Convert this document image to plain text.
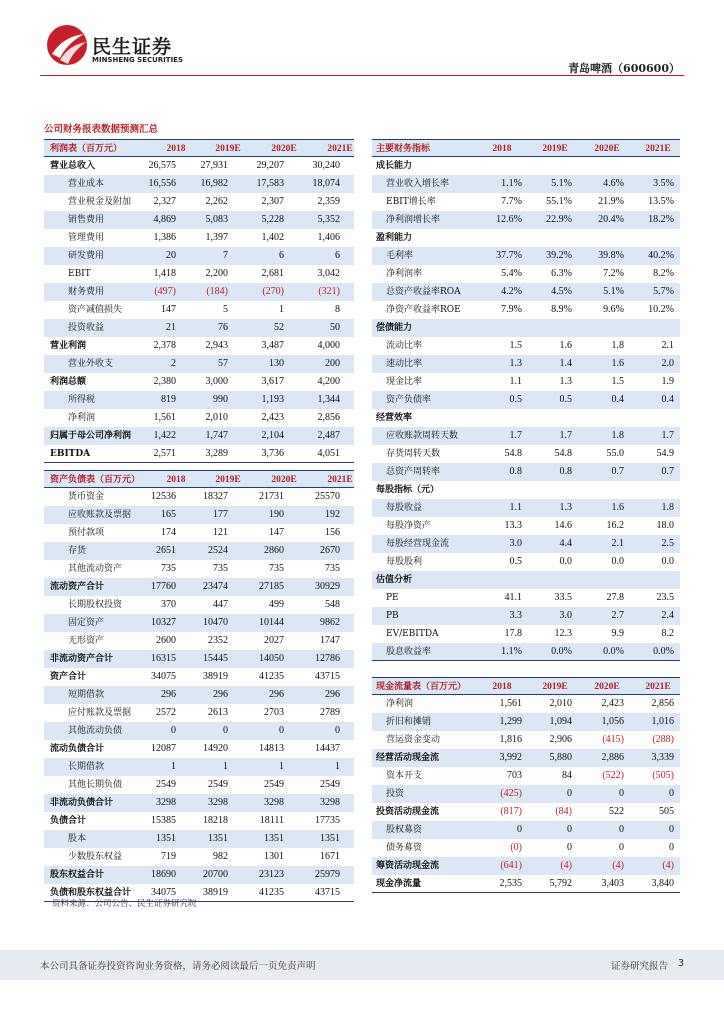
民生证券
MINSHENG SECURITIES
青岛啤酒（600600）
公司财务报表数据预测汇总
利润表（百万元）	2018	2019E	2020E	2021E
营业总收入	26,575	27,931	29,207	30,240
营业成本	16,556	16,982	17,583	18,074
营业税金及附加	2,327	2,262	2,307	2,359
销售费用	4,869	5,083	5,228	5,352
管理费用	1,386	1,397	1,402	1,406
研发费用	20	7	6	6
EBIT	1,418	2,200	2,681	3,042
财务费用	(497)	(184)	(270)	(321)
资产减值损失	147	5	1	8
投资收益	21	76	52	50
营业利润	2,378	2,943	3,487	4,000
营业外收支	2	57	130	200
利润总额	2,380	3,000	3,617	4,200
所得税	819	990	1,193	1,344
净利润	1,561	2,010	2,423	2,856
归属于母公司净利润	1,422	1,747	2,104	2,487
EBITDA	2,571	3,289	3,736	4,051
主要财务指标	2018	2019E	2020E	2021E
成长能力
营业收入增长率	1.1%	5.1%	4.6%	3.5%
EBIT增长率	7.7%	55.1%	21.9%	13.5%
净利润增长率	12.6%	22.9%	20.4%	18.2%
盈利能力
毛利率	37.7%	39.2%	39.8%	40.2%
净利润率	5.4%	6.3%	7.2%	8.2%
总资产收益率ROA	4.2%	4.5%	5.1%	5.7%
净资产收益率ROE	7.9%	8.9%	9.6%	10.2%
偿债能力
流动比率	1.5	1.6	1.8	2.1
速动比率	1.3	1.4	1.6	2.0
现金比率	1.1	1.3	1.5	1.9
资产负债率	0.5	0.5	0.4	0.4
经营效率
应收账款周转天数	1.7	1.7	1.8	1.7
存货周转天数	54.8	54.8	55.0	54.9
总资产周转率	0.8	0.8	0.7	0.7
每股指标（元）
每股收益	1.1	1.3	1.6	1.8
每股净资产	13.3	14.6	16.2	18.0
每股经营现金流	3.0	4.4	2.1	2.5
每股股利	0.5	0.0	0.0	0.0
估值分析
PE	41.1	33.5	27.8	23.5
PB	3.3	3.0	2.7	2.4
EV/EBITDA	17.8	12.3	9.9	8.2
股息收益率	1.1%	0.0%	0.0%	0.0%
资产负债表（百万元）	2018	2019E	2020E	2021E
货币资金	12536	18327	21731	25570
应收账款及票据	165	177	190	192
预付款项	174	121	147	156
存货	2651	2524	2860	2670
其他流动资产	735	735	735	735
流动资产合计	17760	23474	27185	30929
长期股权投资	370	447	499	548
固定资产	10327	10470	10144	9862
无形资产	2600	2352	2027	1747
非流动资产合计	16315	15445	14050	12786
资产合计	34075	38919	41235	43715
短期借款	296	296	296	296
应付账款及票据	2572	2613	2703	2789
其他流动负债	0	0	0	0
流动负债合计	12087	14920	14813	14437
长期借款	1	1	1	1
其他长期负债	2549	2549	2549	2549
非流动负债合计	3298	3298	3298	3298
负债合计	15385	18218	18111	17735
股本	1351	1351	1351	1351
少数股东权益	719	982	1301	1671
股东权益合计	18690	20700	23123	25979
负债和股东权益合计	34075	38919	41235	43715
现金流量表（百万元）	2018	2019E	2020E	2021E
净利润	1,561	2,010	2,423	2,856
折旧和摊销	1,299	1,094	1,056	1,016
营运资金变动	1,816	2,906	(415)	(288)
经营活动现金流	3,992	5,880	2,886	3,339
资本开支	703	84	(522)	(505)
投资	(425)	0	0	0
投资活动现金流	(817)	(84)	522	505
股权募资	0	0	0	0
债务募资	(0)	0	0	0
筹资活动现金流	(641)	(4)	(4)	(4)
现金净流量	2,535	5,792	3,403	3,840
资料来源：公司公告、民生证券研究院
本公司具备证券投资咨询业务资格，请务必阅读最后一页免责声明	证券研究报告 3
